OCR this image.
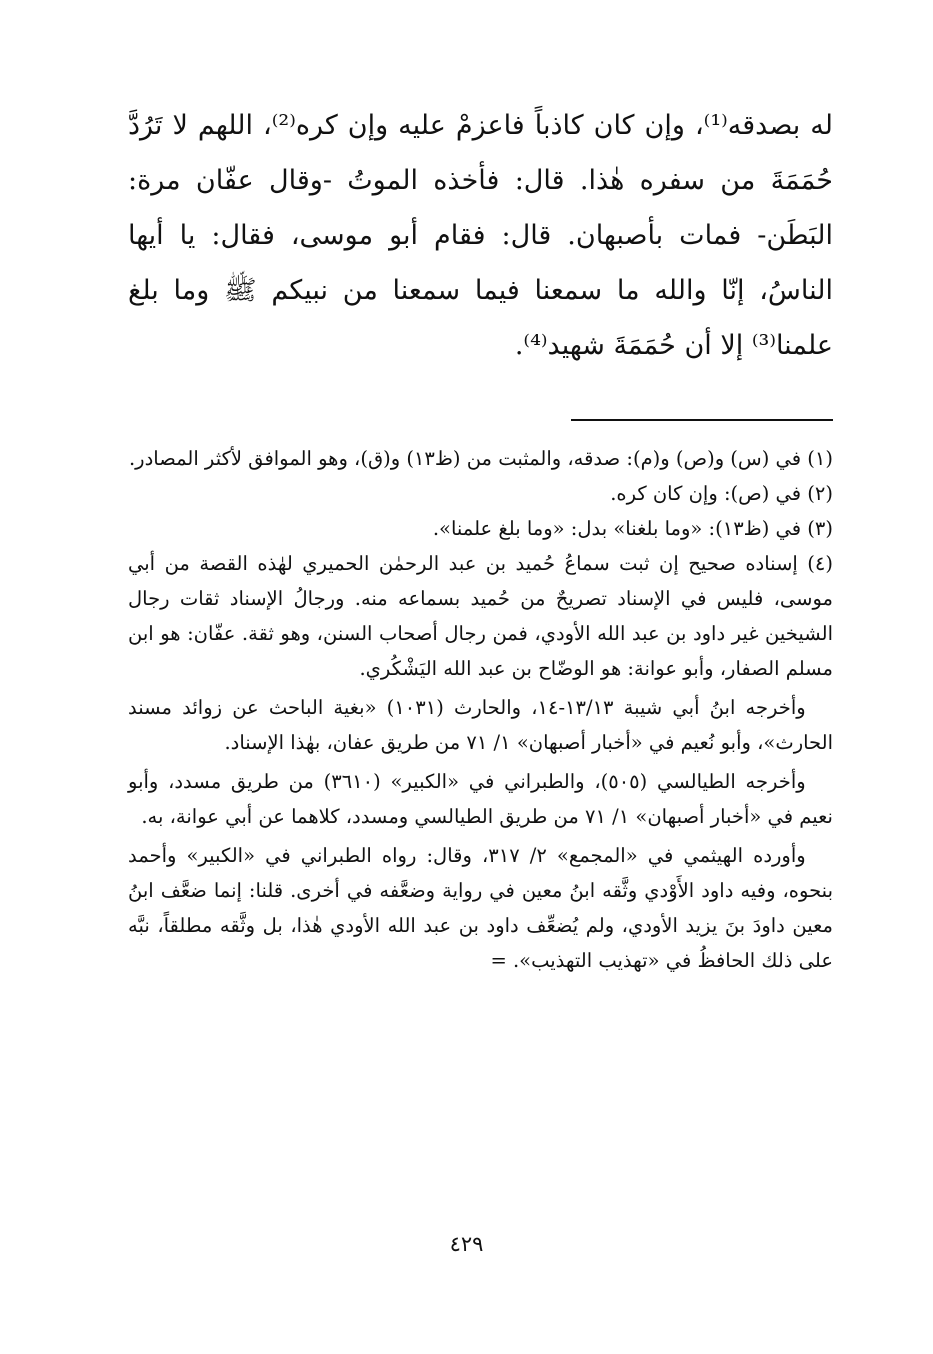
له بصدقه⁽¹⁾، وإن كان كاذباً فاعزمْ عليه وإن كره⁽²⁾، اللهم لا تَرُدَّ حُمَمَةَ من سفره هٰذا. قال: فأخذه الموتُ -وقال عفّان مرة: البَطَن- فمات بأصبهان. قال: فقام أبو موسى، فقال: يا أيها الناسُ، إنّا والله ما سمعنا فيما سمعنا من نبيكم ﷺ وما بلغ علمنا⁽³⁾ إلا أن حُمَمَةَ شهيد⁽⁴⁾.

(١) في (س) و(ص) و(م): صدقه، والمثبت من (ظ١٣) و(ق)، وهو الموافق لأكثر المصادر.

(٢) في (ص): وإن كان كره.

(٣) في (ظ١٣): «وما بلغنا» بدل: «وما بلغ علمنا».

(٤) إسناده صحيح إن ثبت سماعُ حُميد بن عبد الرحمٰن الحميري لهٰذه القصة من أبي موسى، فليس في الإسناد تصريحٌ من حُميد بسماعه منه. ورجالُ الإسناد ثقات رجال الشيخين غير داود بن عبد الله الأودي، فمن رجال أصحاب السنن، وهو ثقة. عفّان: هو ابن مسلم الصفار، وأبو عوانة: هو الوضّاح بن عبد الله اليَشْكُري.

وأخرجه ابنُ أبي شيبة ١٣/١٣-١٤، والحارث (١٠٣١) «بغية الباحث عن زوائد مسند الحارث»، وأبو نُعيم في «أخبار أصبهان» ١/ ٧١ من طريق عفان، بهٰذا الإسناد.

وأخرجه الطيالسي (٥٠٥)، والطبراني في «الكبير» (٣٦١٠) من طريق مسدد، وأبو نعيم في «أخبار أصبهان» ١/ ٧١ من طريق الطيالسي ومسدد، كلاهما عن أبي عوانة، به.

وأورده الهيثمي في «المجمع» ٢/ ٣١٧، وقال: رواه الطبراني في «الكبير» وأحمد بنحوه، وفيه داود الأَوْدي وثَّقه ابنُ معين في رواية وضعَّفه في أخرى. قلنا: إنما ضعَّف ابنُ معين داودَ بنَ يزيد الأودي، ولم يُضعِّف داود بن عبد الله الأودي هٰذا، بل وثَّقه مطلقاً، نبَّه على ذلك الحافظُ في «تهذيب التهذيب». =

٤٢٩
